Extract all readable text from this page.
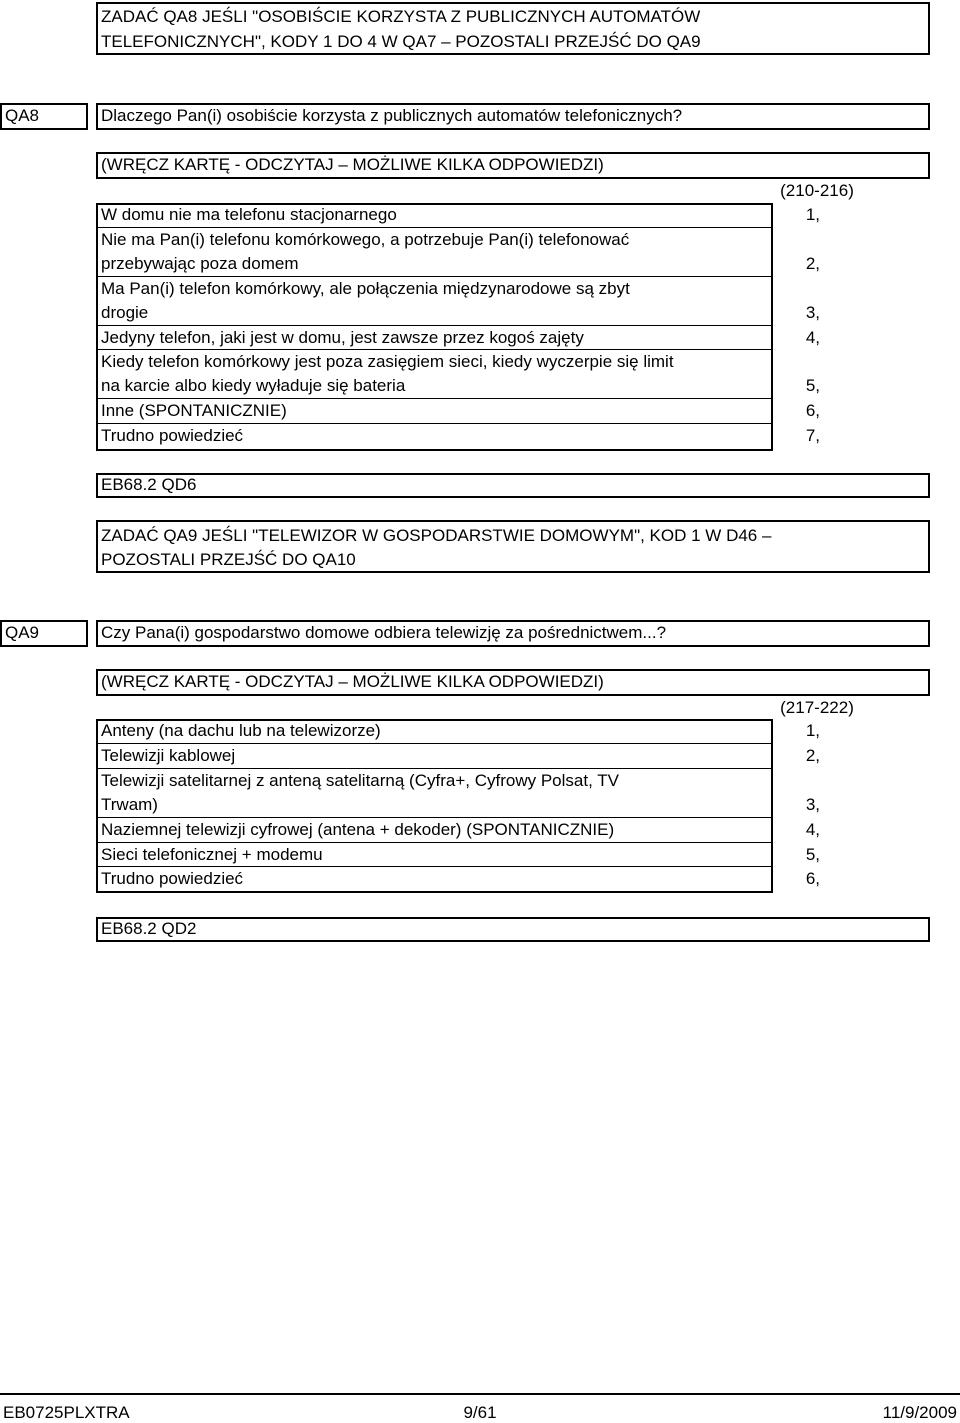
ZADAĆ QA8 JEŚLI "OSOBIŚCIE KORZYSTA Z PUBLICZNYCH AUTOMATÓW
TELEFONICZNYCH", KODY 1 DO 4 W QA7 – POZOSTALI PRZEJŚĆ DO QA9
QA8	Dlaczego Pan(i) osobiście korzysta z publicznych automatów telefonicznych?
(WRĘCZ KARTĘ - ODCZYTAJ – MOŻLIWE KILKA ODPOWIEDZI)
(210-216)
W domu nie ma telefonu stacjonarnego	1,
Nie ma Pan(i) telefonu komórkowego, a potrzebuje Pan(i) telefonować
przebywając poza domem	2,
Ma Pan(i) telefon komórkowy, ale połączenia międzynarodowe są zbyt
drogie	3,
Jedyny telefon, jaki jest w domu, jest zawsze przez kogoś zajęty	4,
Kiedy telefon komórkowy jest poza zasięgiem sieci, kiedy wyczerpie się limit
na karcie albo kiedy wyładuje się bateria	5,
Inne (SPONTANICZNIE)	6,
Trudno powiedzieć	7,
EB68.2 QD6
ZADAĆ QA9 JEŚLI "TELEWIZOR W GOSPODARSTWIE DOMOWYM", KOD 1 W D46 –
POZOSTALI PRZEJŚĆ DO QA10
QA9	Czy Pana(i) gospodarstwo domowe odbiera telewizję za pośrednictwem...?
(WRĘCZ KARTĘ - ODCZYTAJ – MOŻLIWE KILKA ODPOWIEDZI)
(217-222)
Anteny (na dachu lub na telewizorze)	1,
Telewizji kablowej	2,
Telewizji satelitarnej z anteną satelitarną (Cyfra+, Cyfrowy Polsat, TV
Trwam)	3,
Naziemnej telewizji cyfrowej (antena + dekoder) (SPONTANICZNIE)	4,
Sieci telefonicznej + modemu	5,
Trudno powiedzieć	6,
EB68.2 QD2
EB0725PLXTRA	9/61	11/9/2009
